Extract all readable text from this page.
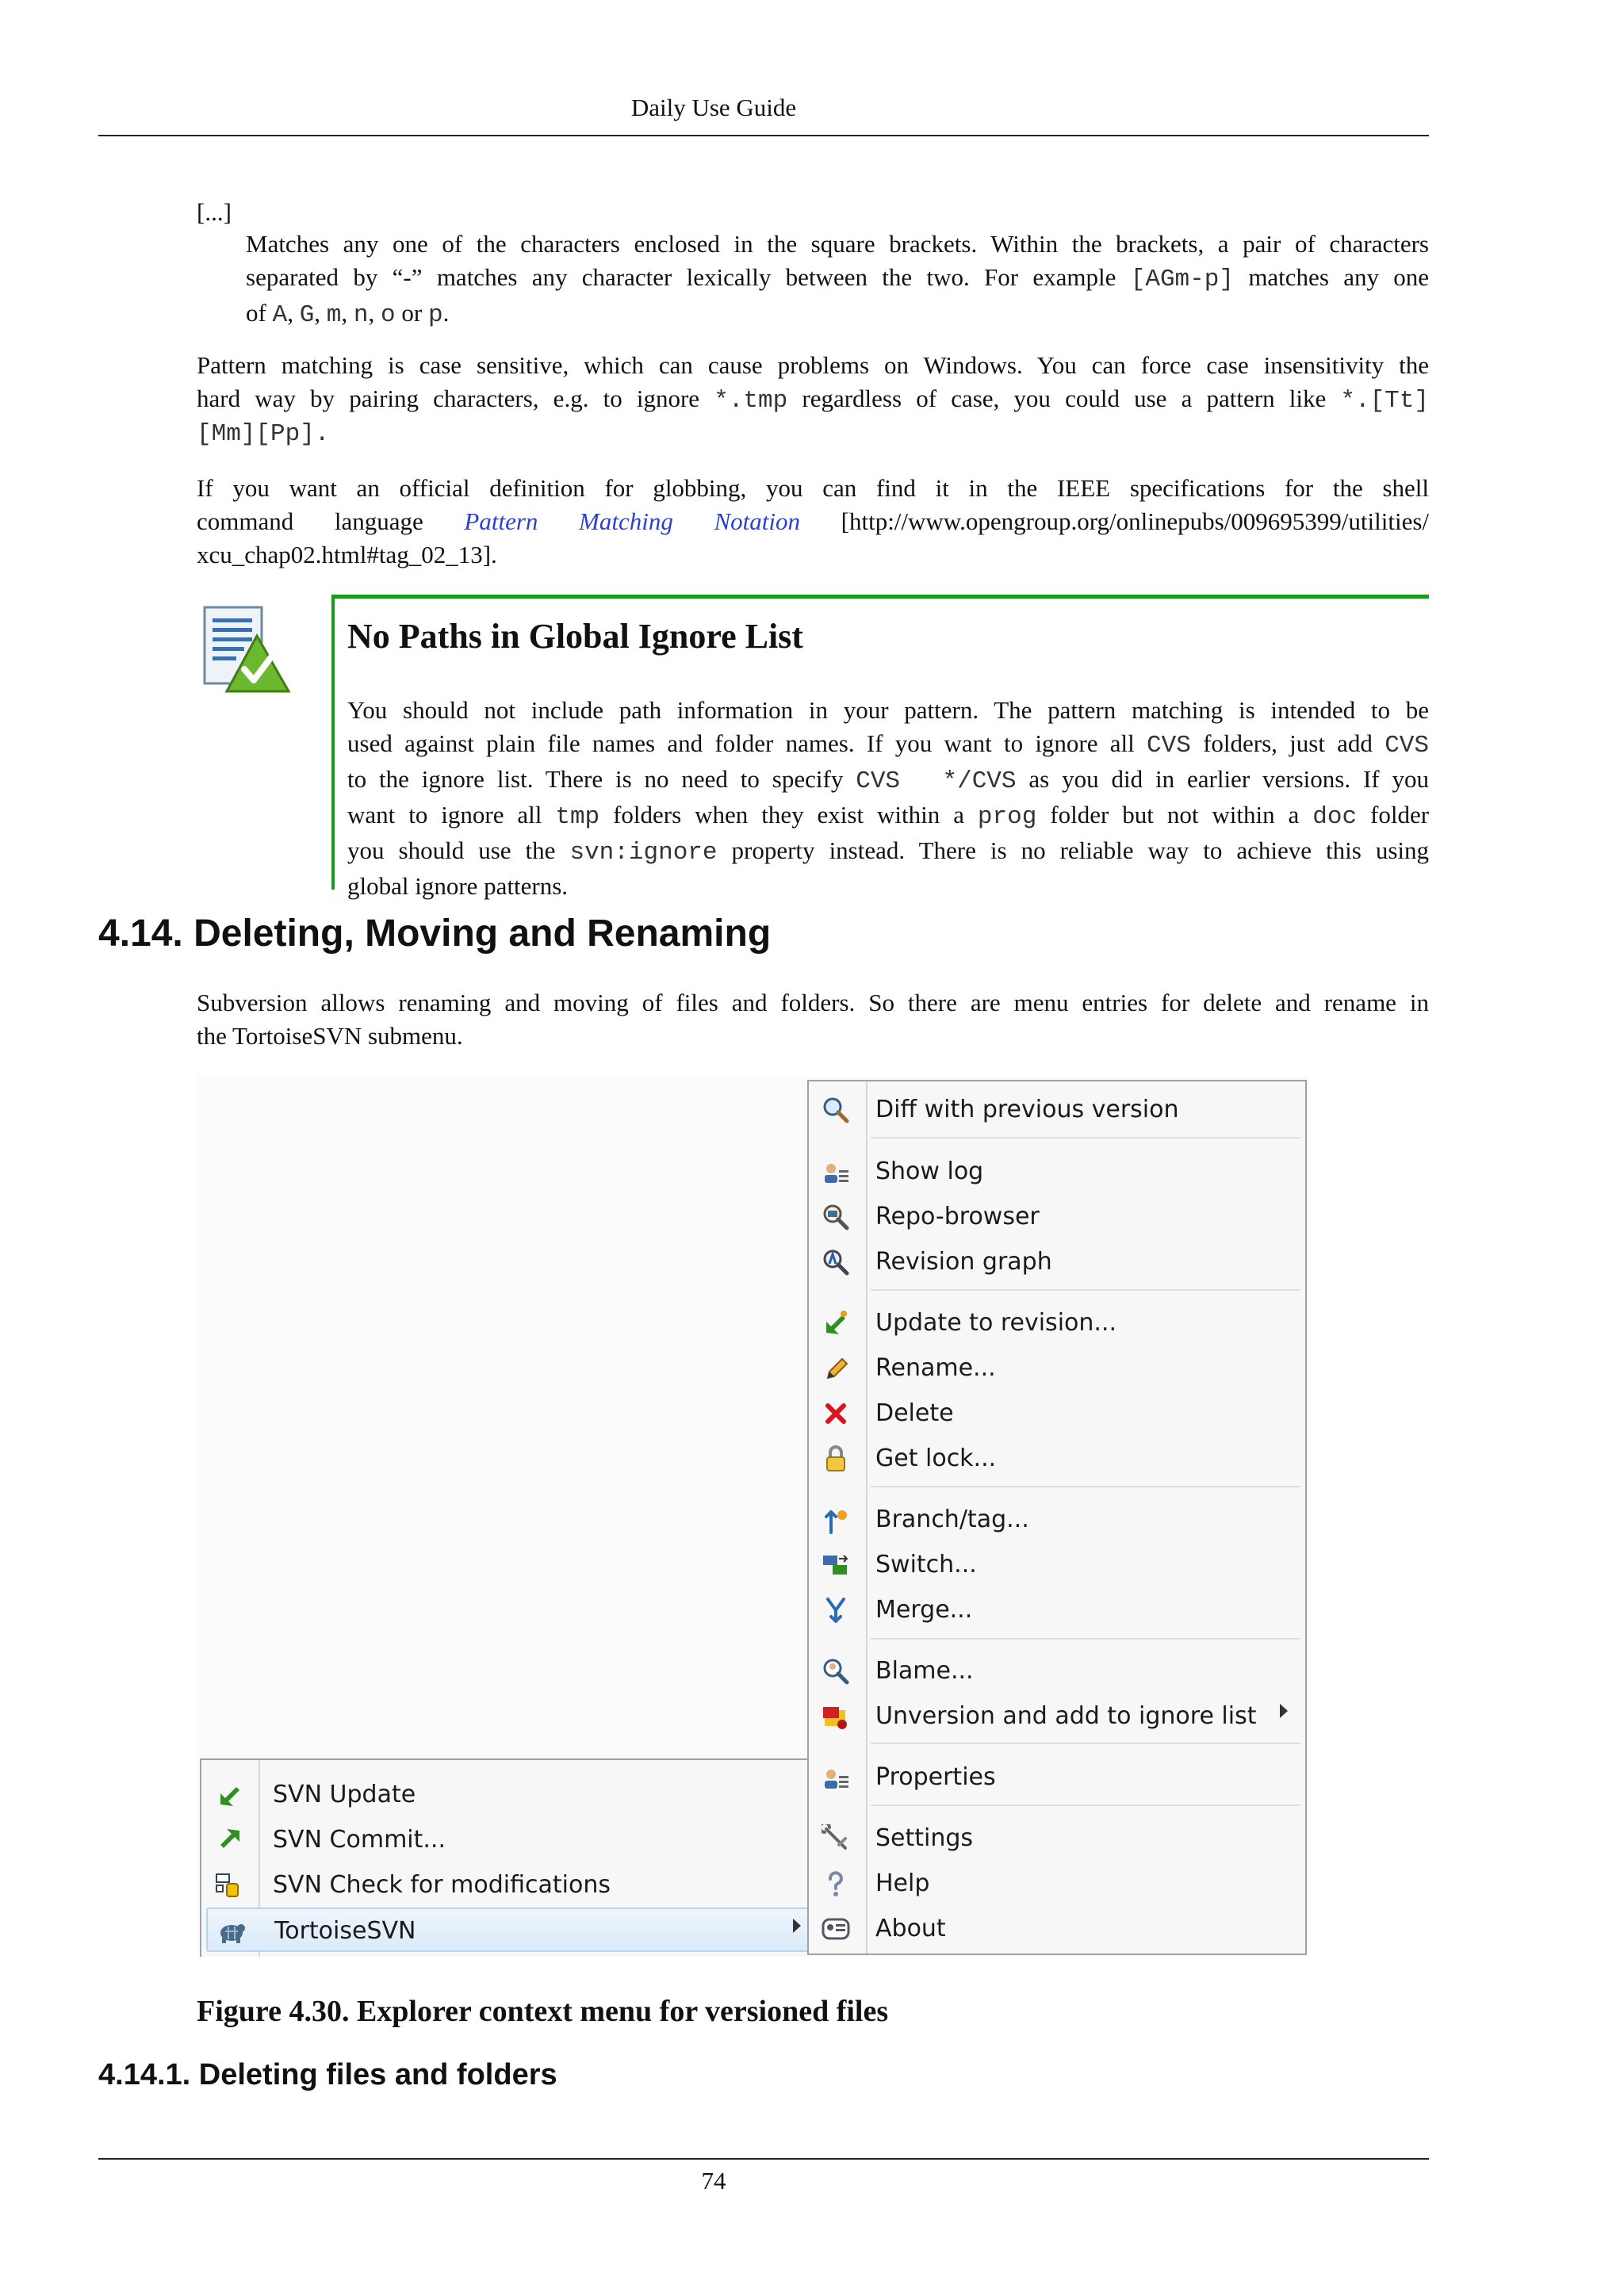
Daily Use Guide
[...]
Matches any one of the characters enclosed in the square brackets. Within the brackets, a pair of characters
separated by “-” matches any character lexically between the two. For example [AGm-p] matches any one
of A, G, m, n, o or p.
Pattern matching is case sensitive, which can cause problems on Windows. You can force case insensitivity the
hard way by pairing characters, e.g. to ignore *.tmp regardless of case, you could use a pattern like *.[Tt]
[Mm][Pp].
If you want an official definition for globbing, you can find it in the IEEE specifications for the shell
command language Pattern Matching Notation [http://www.opengroup.org/onlinepubs/009695399/utilities/
xcu_chap02.html#tag_02_13].
No Paths in Global Ignore List
You should not include path information in your pattern. The pattern matching is intended to be
used against plain file names and folder names. If you want to ignore all CVS folders, just add CVS
to the ignore list. There is no need to specify CVS  */CVS as you did in earlier versions. If you
want to ignore all tmp folders when they exist within a prog folder but not within a doc folder
you should use the svn:ignore property instead. There is no reliable way to achieve this using
global ignore patterns.
4.14. Deleting, Moving and Renaming
Subversion allows renaming and moving of files and folders. So there are menu entries for delete and rename in
the TortoiseSVN submenu.
SVN Update
SVN Commit...
SVN Check for modifications
TortoiseSVN
Diff with previous version
Show log
Repo-browser
Revision graph
Update to revision...
Rename...
Delete
Get lock...
Branch/tag...
Switch...
Merge...
Blame...
Unversion and add to ignore list
Properties
Settings
Help
About
Figure 4.30. Explorer context menu for versioned files
4.14.1. Deleting files and folders
74
